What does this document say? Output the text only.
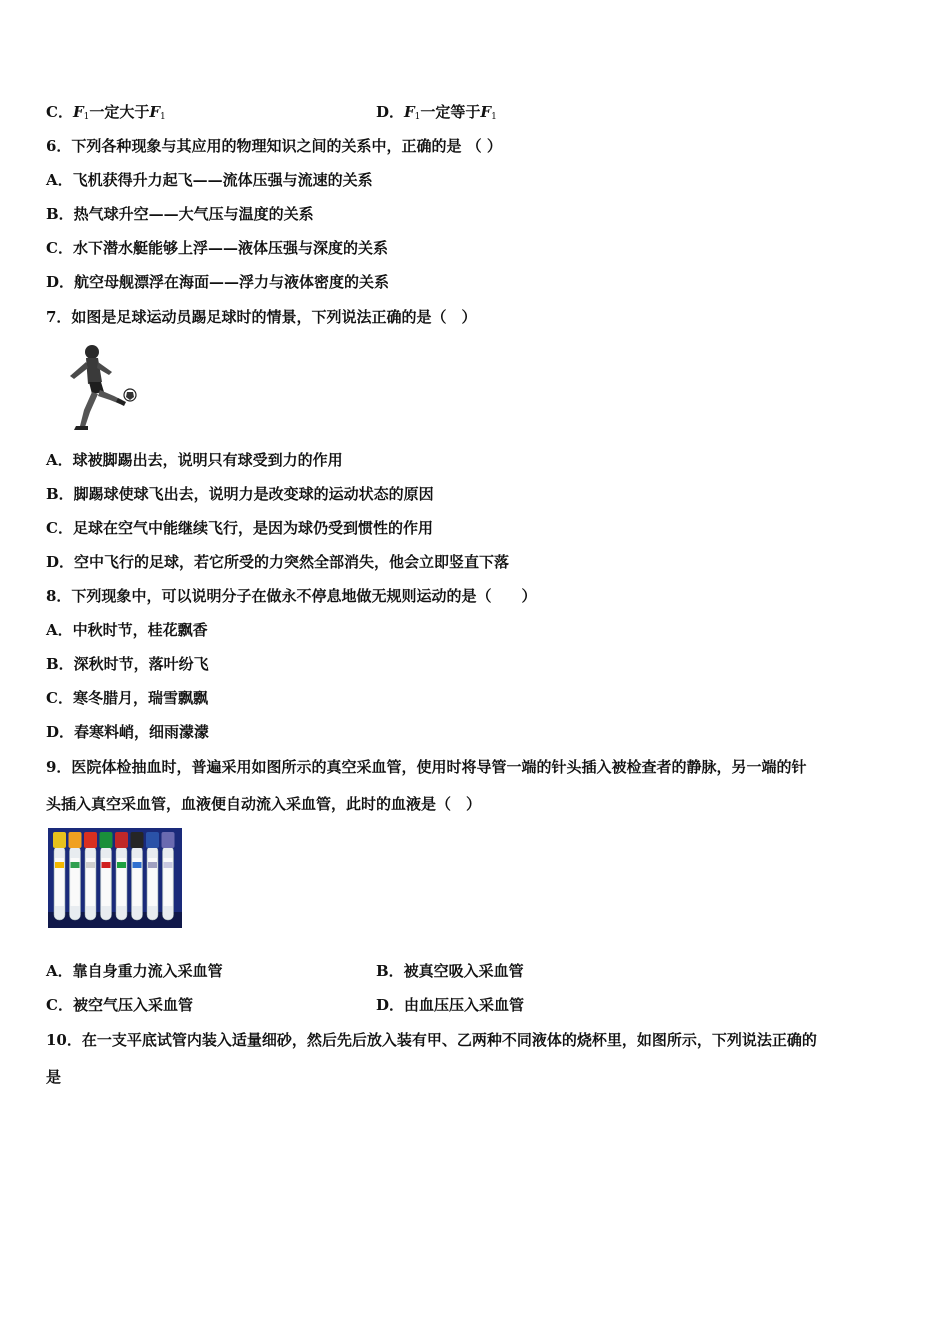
C．$F_1$一定大于$F_1$	D．$F_1$一定等于$F_1$
6．下列各种现象与其应用的物理知识之间的关系中，正确的是 （ ）
A．飞机获得升力起飞——流体压强与流速的关系
B．热气球升空——大气压与温度的关系
C．水下潜水艇能够上浮——液体压强与深度的关系
D．航空母舰漂浮在海面——浮力与液体密度的关系
7．如图是足球运动员踢足球时的情景，下列说法正确的是（　）
A．球被脚踢出去，说明只有球受到力的作用
B．脚踢球使球飞出去，说明力是改变球的运动状态的原因
C．足球在空气中能继续飞行，是因为球仍受到惯性的作用
D．空中飞行的足球，若它所受的力突然全部消失，他会立即竖直下落
8．下列现象中，可以说明分子在做永不停息地做无规则运动的是（　　）
A．中秋时节，桂花飘香
B．深秋时节，落叶纷飞
C．寒冬腊月，瑞雪飘飘
D．春寒料峭，细雨濛濛
9．医院体检抽血时，普遍采用如图所示的真空采血管，使用时将导管一端的针头插入被检查者的静脉，另一端的针
头插入真空采血管，血液便自动流入采血管，此时的血液是（　）
A．靠自身重力流入采血管	B．被真空吸入采血管
C．被空气压入采血管	D．由血压压入采血管
10．在一支平底试管内装入适量细砂，然后先后放入装有甲、乙两种不同液体的烧杯里，如图所示，下列说法正确的
是
